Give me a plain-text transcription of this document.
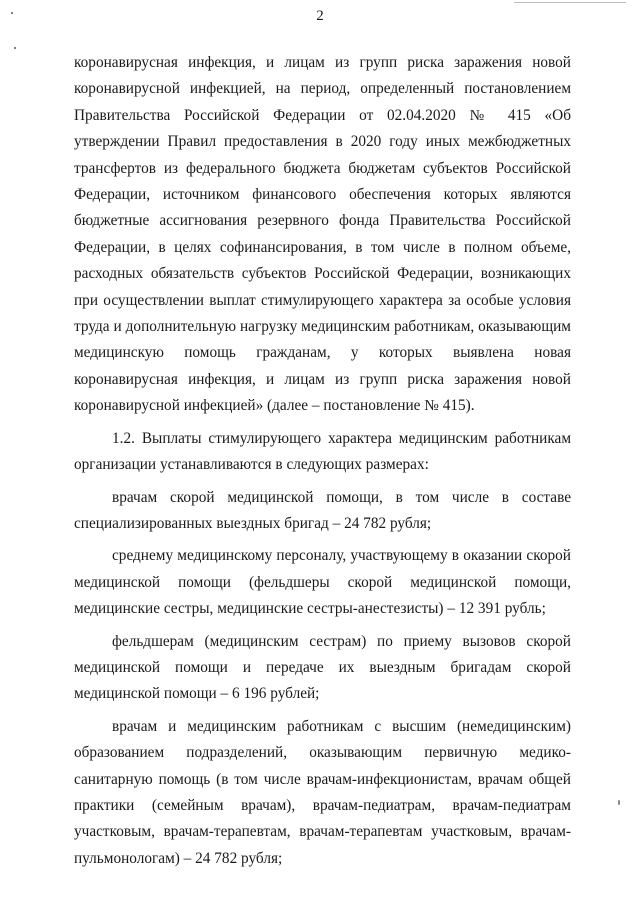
2

коронавирусная инфекция, и лицам из групп риска заражения новой коронавирусной инфекцией, на период, определенный постановлением Правительства Российской Федерации от 02.04.2020 № 415 «Об утверждении Правил предоставления в 2020 году иных межбюджетных трансфертов из федерального бюджета бюджетам субъектов Российской Федерации, источником финансового обеспечения которых являются бюджетные ассигнования резервного фонда Правительства Российской Федерации, в целях софинансирования, в том числе в полном объеме, расходных обязательств субъектов Российской Федерации, возникающих при осуществлении выплат стимулирующего характера за особые условия труда и дополнительную нагрузку медицинским работникам, оказывающим медицинскую помощь гражданам, у которых выявлена новая коронавирусная инфекция, и лицам из групп риска заражения новой коронавирусной инфекцией» (далее – постановление № 415).

1.2. Выплаты стимулирующего характера медицинским работникам организации устанавливаются в следующих размерах:

врачам скорой медицинской помощи, в том числе в составе специализированных выездных бригад – 24 782 рубля;

среднему медицинскому персоналу, участвующему в оказании скорой медицинской помощи (фельдшеры скорой медицинской помощи, медицинские сестры, медицинские сестры-анестезисты) – 12 391 рубль;

фельдшерам (медицинским сестрам) по приему вызовов скорой медицинской помощи и передаче их выездным бригадам скорой медицинской помощи – 6 196 рублей;

врачам и медицинским работникам с высшим (немедицинским) образованием подразделений, оказывающим первичную медико-санитарную помощь (в том числе врачам-инфекционистам, врачам общей практики (семейным врачам), врачам-педиатрам, врачам-педиатрам участковым, врачам-терапевтам, врачам-терапевтам участковым, врачам-пульмонологам) – 24 782 рубля;
